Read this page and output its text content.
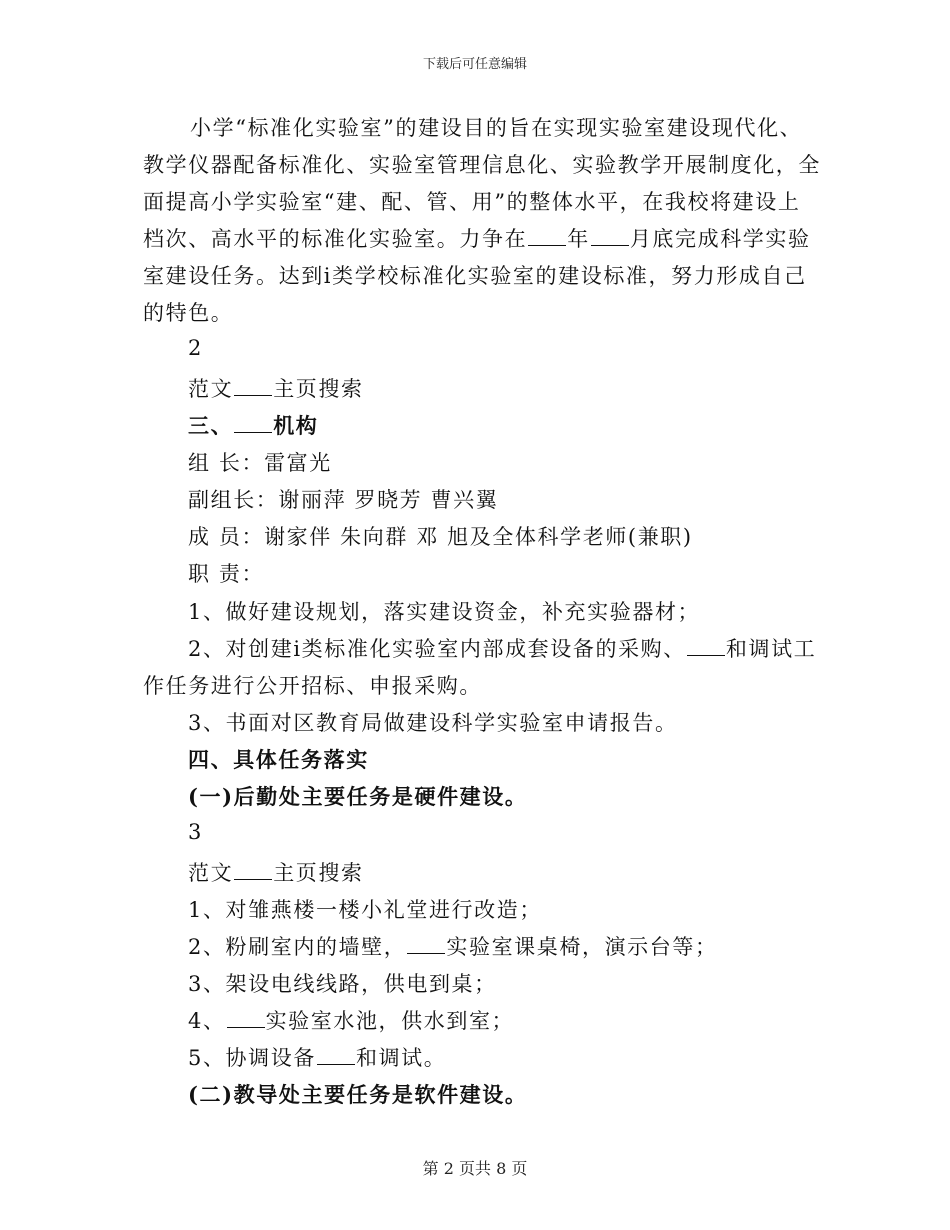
下载后可任意编辑
小学“标准化实验室”的建设目的旨在实现实验室建设现代化、
教学仪器配备标准化、实验室管理信息化、实验教学开展制度化，全
面提高小学实验室“建、配、管、用”的整体水平，在我校将建设上
档次、高水平的标准化实验室。力争在 年 月底完成科学实验
室建设任务。达到ⅰ类学校标准化实验室的建设标准，努力形成自己
的特色。
2
范文 主页搜索
三、 机构
组 长：雷富光
副组长：谢丽萍 罗晓芳 曹兴翼
成 员：谢家伴 朱向群 邓 旭及全体科学老师(兼职)
职 责：
1、做好建设规划，落实建设资金，补充实验器材；
2、对创建ⅰ类标准化实验室内部成套设备的采购、 和调试工
作任务进行公开招标、申报采购。
3、书面对区教育局做建设科学实验室申请报告。
四、具体任务落实
(一)后勤处主要任务是硬件建设。
3
范文 主页搜索
1、对雏燕楼一楼小礼堂进行改造；
2、粉刷室内的墙壁， 实验室课桌椅，演示台等；
3、架设电线线路，供电到桌；
4、 实验室水池，供水到室；
5、协调设备 和调试。
(二)教导处主要任务是软件建设。
第 2 页共 8 页
